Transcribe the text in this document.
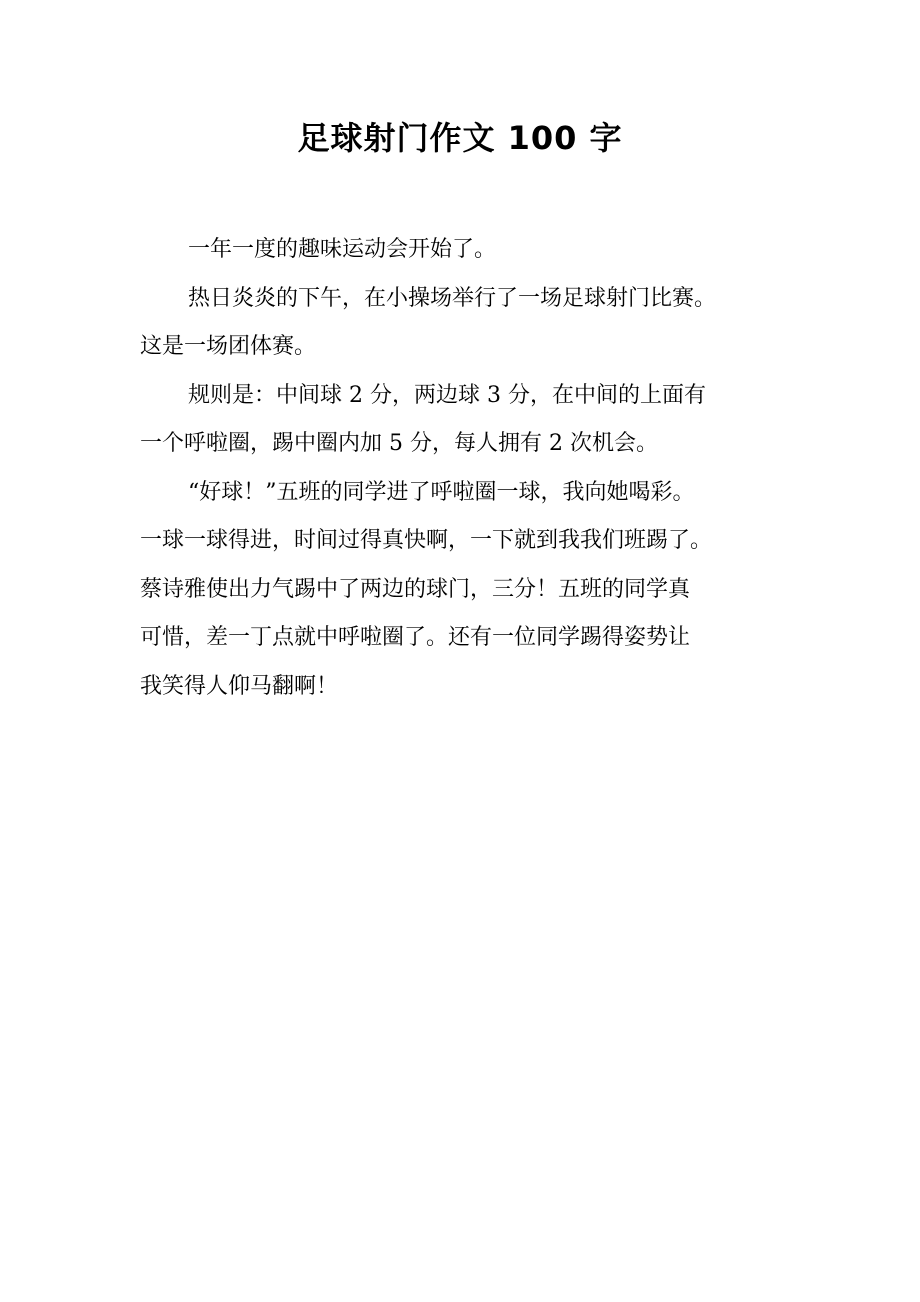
足球射门作文 100 字

一年一度的趣味运动会开始了。

热日炎炎的下午，在小操场举行了一场足球射门比赛。
这是一场团体赛。

规则是：中间球 2 分，两边球 3 分，在中间的上面有
一个呼啦圈，踢中圈内加 5 分，每人拥有 2 次机会。

“好球！”五班的同学进了呼啦圈一球，我向她喝彩。
一球一球得进，时间过得真快啊，一下就到我我们班踢了。
蔡诗雅使出力气踢中了两边的球门，三分！五班的同学真
可惜，差一丁点就中呼啦圈了。还有一位同学踢得姿势让
我笑得人仰马翻啊！
